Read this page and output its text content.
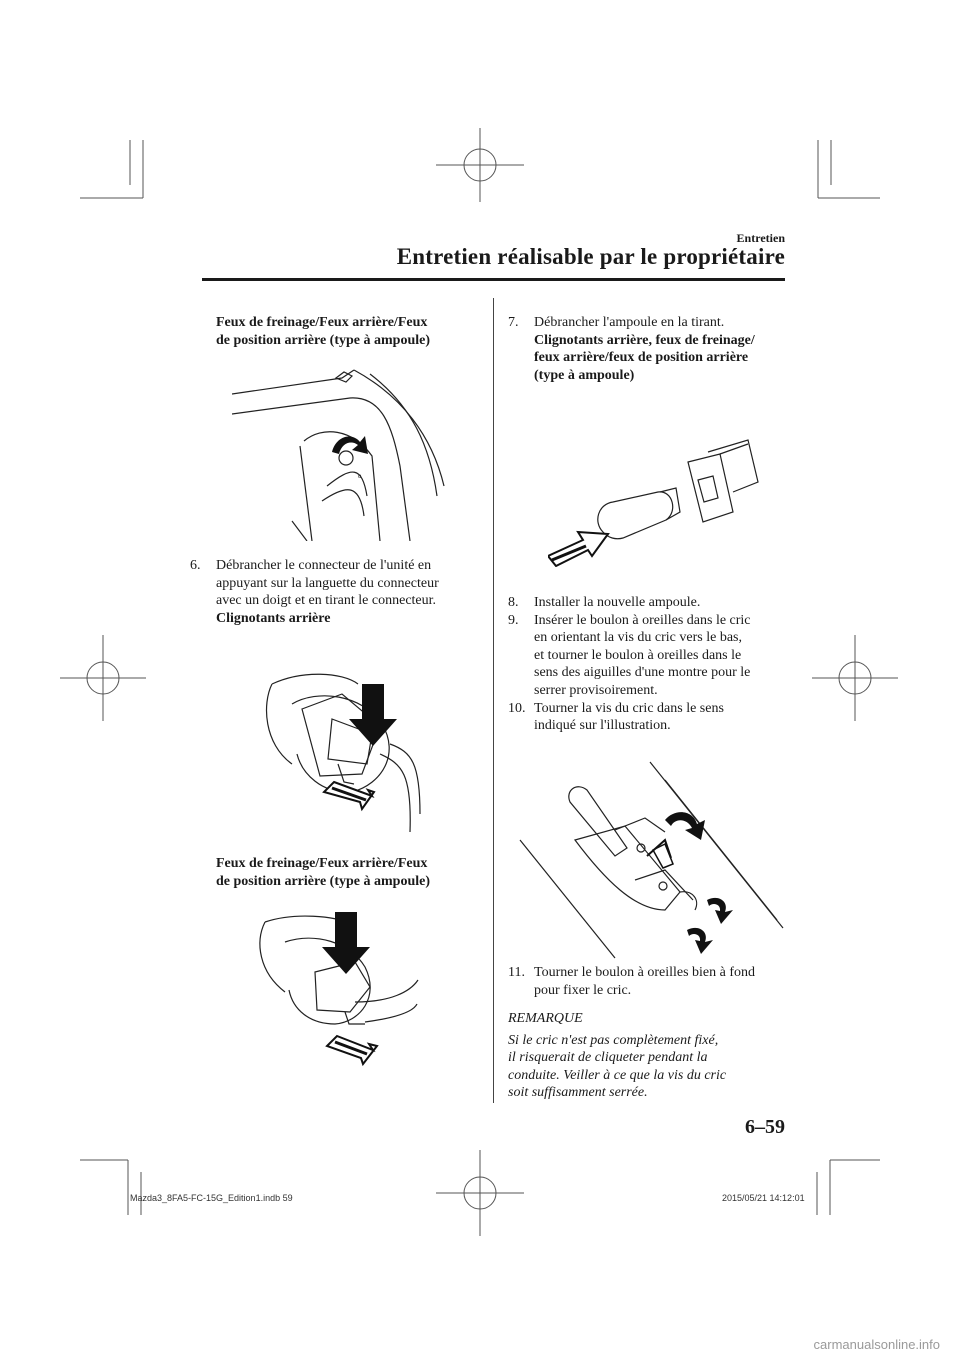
Entretien
Entretien réalisable par le propriétaire
Feux de freinage/Feux arrière/Feux
de position arrière (type à ampoule)
o
6. Débrancher le connecteur de l'unité en
appuyant sur la languette du connecteur
avec un doigt et en tirant le connecteur.
Clignotants arrière
Feux de freinage/Feux arrière/Feux
de position arrière (type à ampoule)
7. Débrancher l'ampoule en la tirant.
Clignotants arrière, feux de freinage/
feux arrière/feux de position arrière
(type à ampoule)
8.	Installer la nouvelle ampoule.
9. Insérer le boulon à oreilles dans le cric
en orientant la vis du cric vers le bas,
et tourner le boulon à oreilles dans le
sens des aiguilles d'une montre pour le
serrer provisoirement.
10. Tourner la vis du cric dans le sens
indiqué sur l'illustration.
11. Tourner le boulon à oreilles bien à fond
pour fixer le cric.
REMARQUE
Si le cric n'est pas complètement fixé,
il risquerait de cliqueter pendant la
conduite. Veiller à ce que la vis du cric
soit suffisamment serrée.
6–59
Mazda3_8FA5-FC-15G_Edition1.indb 59	2015/05/21 14:12:01
carmanualsonline.info
